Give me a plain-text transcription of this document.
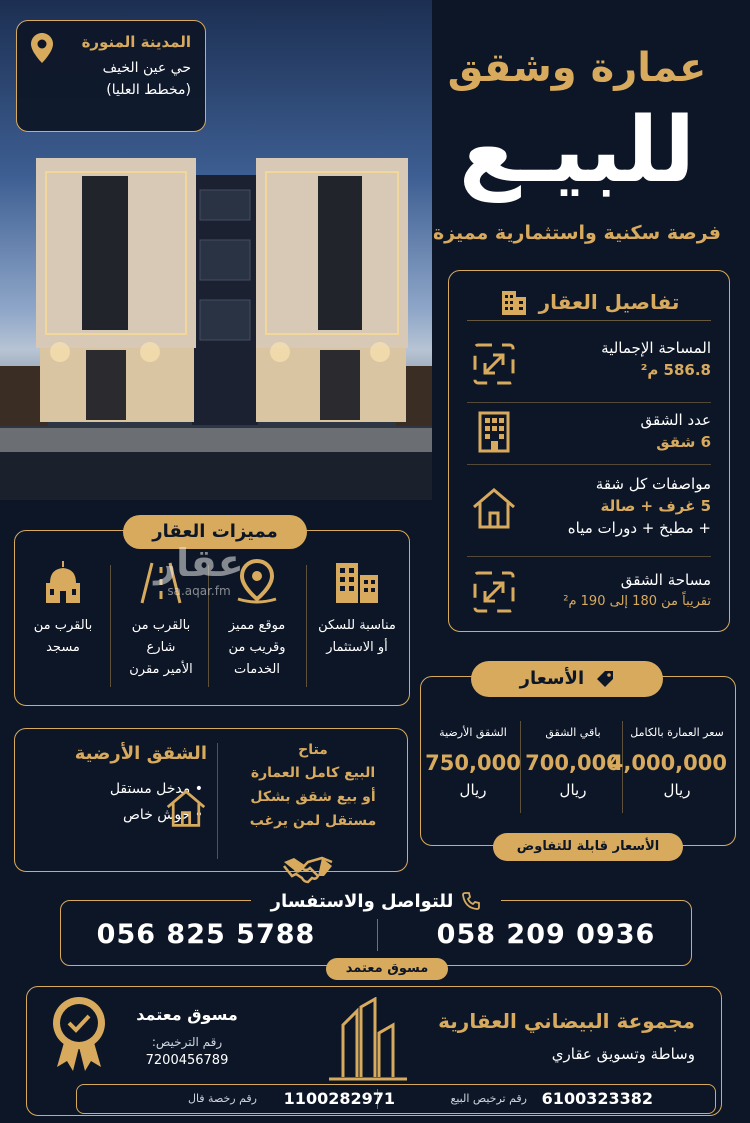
المدينة المنورة
حي عين الخيف
(مخطط العليا)	عمارة وشقق
للبيـع
فرصة سكنية واستثمارية مميزة
تفاصيل العقار
المساحة الإجمالية
586.8 م²
عدد الشقق
6 شقق
مواصفات كل شقة
5 غرف + صالة
+ مطبخ + دورات مياه
مساحة الشقق
تقريباً من 180 إلى 190 م²
مميزات العقار
مناسبة للسكن
أو الاستثمار
موقع مميز
وقريب من
الخدمات
بالقرب من
شارع
الأمير مقرن
بالقرب من
مسجد
عقار
sa.aqar.fm
الأسعار
سعر العمارة بالكامل
4,000,000
ريال
باقي الشقق
700,000
ريال
الشقق الأرضية
750,000
ريال
الأسعار قابلة للتفاوض
متاح
البيع كامل العمارة
أو بيع شقق بشكل
مستقل لمن يرغب
الشقق الأرضية
• مدخل مستقل
• حوش خاص
للتواصل والاستفسار
058 209 0936
056 825 5788
مسوق معتمد
مجموعة البيضاني العقارية
وساطة وتسويق عقاري
مسوق معتمد
رقم الترخيص:
7200456789
6100323382
رقم ترخيص البيع
1100282971
رقم رخصة فال
